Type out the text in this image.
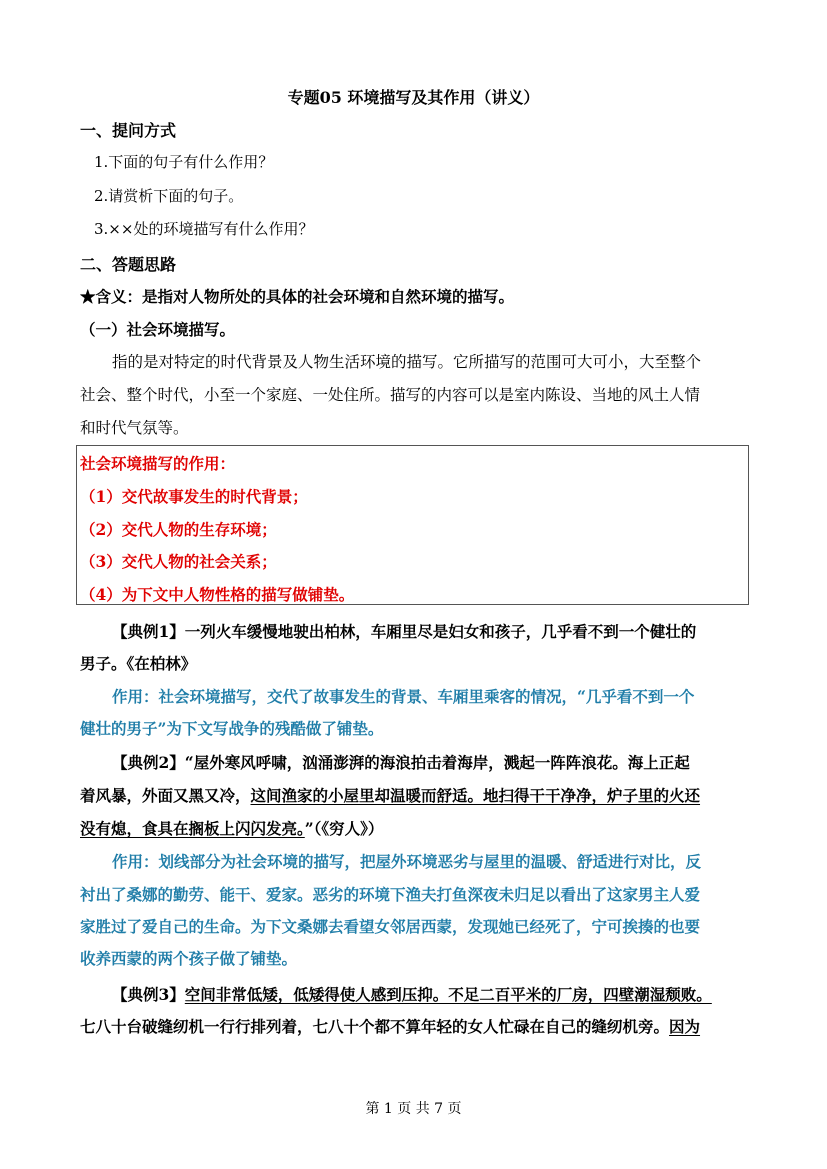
专题05 环境描写及其作用（讲义）
一、提问方式
1.下面的句子有什么作用？
2.请赏析下面的句子。
3.××处的环境描写有什么作用？
二、答题思路
★含义：是指对人物所处的具体的社会环境和自然环境的描写。
（一）社会环境描写。
指的是对特定的时代背景及人物生活环境的描写。它所描写的范围可大可小，大至整个
社会、整个时代，小至一个家庭、一处住所。描写的内容可以是室内陈设、当地的风土人情
和时代气氛等。
社会环境描写的作用：
（1）交代故事发生的时代背景；
（2）交代人物的生存环境；
（3）交代人物的社会关系；
（4）为下文中人物性格的描写做铺垫。
【典例1】一列火车缓慢地驶出柏林，车厢里尽是妇女和孩子，几乎看不到一个健壮的
男子。《在柏林》
作用：社会环境描写，交代了故事发生的背景、车厢里乘客的情况，“几乎看不到一个
健壮的男子”为下文写战争的残酷做了铺垫。
【典例2】“屋外寒风呼啸，汹涌澎湃的海浪拍击着海岸，溅起一阵阵浪花。海上正起
着风暴，外面又黑又冷，这间渔家的小屋里却温暖而舒适。地扫得干干净净，炉子里的火还
没有熄，食具在搁板上闪闪发亮。”（《穷人》）
作用：划线部分为社会环境的描写，把屋外环境恶劣与屋里的温暖、舒适进行对比，反
衬出了桑娜的勤劳、能干、爱家。恶劣的环境下渔夫打鱼深夜未归足以看出了这家男主人爱
家胜过了爱自己的生命。为下文桑娜去看望女邻居西蒙，发现她已经死了，宁可挨揍的也要
收养西蒙的两个孩子做了铺垫。
【典例3】空间非常低矮，低矮得使人感到压抑。不足二百平米的厂房，四壁潮湿颓败。
七八十台破缝纫机一行行排列着，七八十个都不算年轻的女人忙碌在自己的缝纫机旁。因为
第 1 页 共 7 页
